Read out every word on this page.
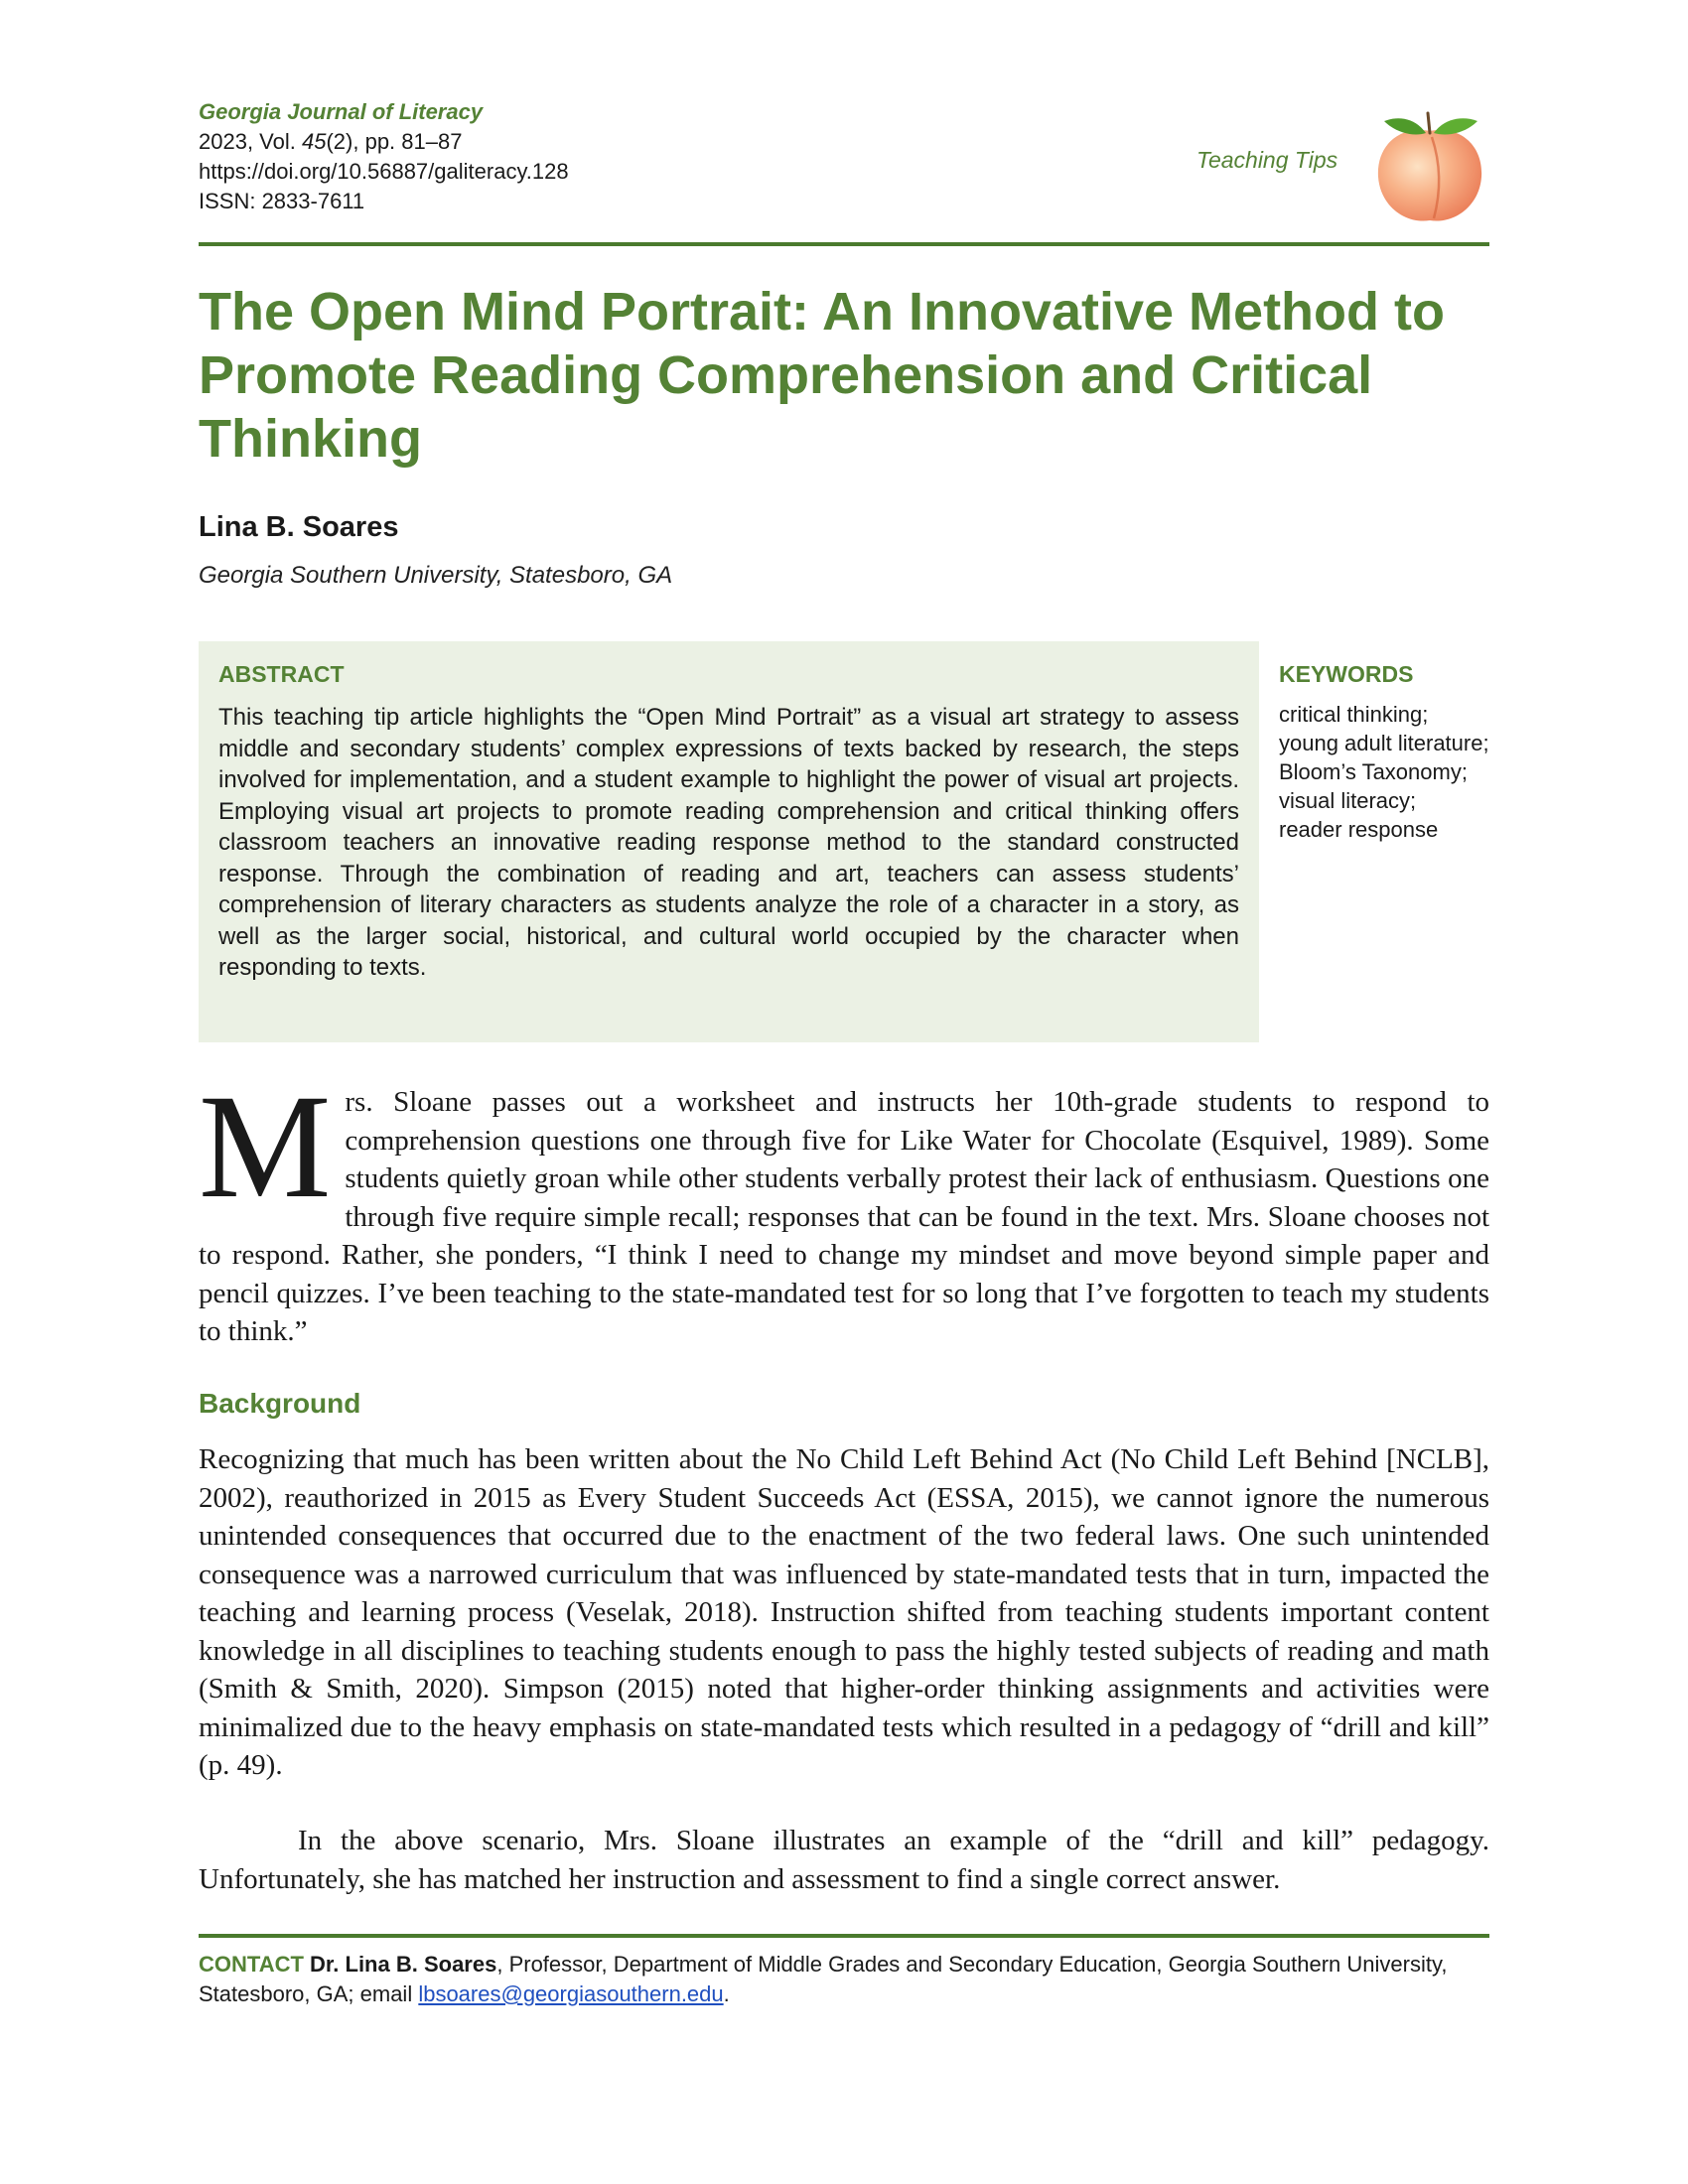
Georgia Journal of Literacy
2023, Vol. 45(2), pp. 81–87
https://doi.org/10.56887/galiteracy.128
ISSN: 2833-7611
Teaching Tips
The Open Mind Portrait: An Innovative Method to Promote Reading Comprehension and Critical Thinking
Lina B. Soares
Georgia Southern University, Statesboro, GA
ABSTRACT

This teaching tip article highlights the “Open Mind Portrait” as a visual art strategy to assess middle and secondary students’ complex expressions of texts backed by research, the steps involved for implementation, and a student example to highlight the power of visual art projects. Employing visual art projects to promote reading comprehension and critical thinking offers classroom teachers an innovative reading response method to the standard constructed response. Through the combination of reading and art, teachers can assess students’ comprehension of literary characters as students analyze the role of a character in a story, as well as the larger social, historical, and cultural world occupied by the character when responding to texts.

KEYWORDS
critical thinking;
young adult literature;
Bloom’s Taxonomy;
visual literacy;
reader response
Mrs. Sloane passes out a worksheet and instructs her 10th-grade students to respond to comprehension questions one through five for Like Water for Chocolate (Esquivel, 1989). Some students quietly groan while other students verbally protest their lack of enthusiasm. Questions one through five require simple recall; responses that can be found in the text. Mrs. Sloane chooses not to respond. Rather, she ponders, “I think I need to change my mindset and move beyond simple paper and pencil quizzes. I’ve been teaching to the state-mandated test for so long that I’ve forgotten to teach my students to think.”
Background

Recognizing that much has been written about the No Child Left Behind Act (No Child Left Behind [NCLB], 2002), reauthorized in 2015 as Every Student Succeeds Act (ESSA, 2015), we cannot ignore the numerous unintended consequences that occurred due to the enactment of the two federal laws. One such unintended consequence was a narrowed curriculum that was influenced by state-mandated tests that in turn, impacted the teaching and learning process (Veselak, 2018). Instruction shifted from teaching students important content knowledge in all disciplines to teaching students enough to pass the highly tested subjects of reading and math (Smith & Smith, 2020). Simpson (2015) noted that higher-order thinking assignments and activities were minimalized due to the heavy emphasis on state-mandated tests which resulted in a pedagogy of “drill and kill” (p. 49).

In the above scenario, Mrs. Sloane illustrates an example of the “drill and kill” pedagogy. Unfortunately, she has matched her instruction and assessment to find a single correct answer.

CONTACT Dr. Lina B. Soares, Professor, Department of Middle Grades and Secondary Education, Georgia Southern University, Statesboro, GA; email lbsoares@georgiasouthern.edu.
